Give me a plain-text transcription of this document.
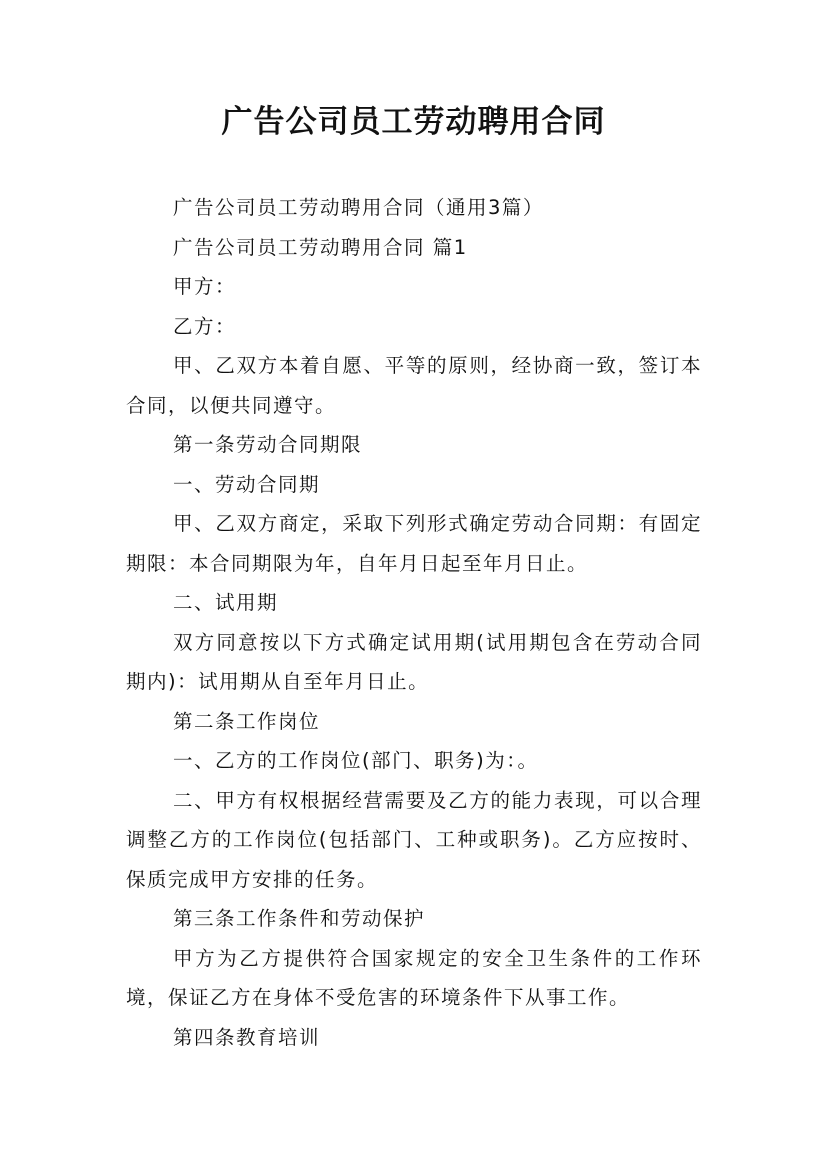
广告公司员工劳动聘用合同

广告公司员工劳动聘用合同（通用3篇）

广告公司员工劳动聘用合同 篇1

甲方：

乙方：

甲、乙双方本着自愿、平等的原则，经协商一致，签订本合同，以便共同遵守。

第一条劳动合同期限

一、劳动合同期

甲、乙双方商定，采取下列形式确定劳动合同期：有固定期限：本合同期限为年，自年月日起至年月日止。

二、试用期

双方同意按以下方式确定试用期(试用期包含在劳动合同期内)：试用期从自至年月日止。

第二条工作岗位

一、乙方的工作岗位(部门、职务)为：。

二、甲方有权根据经营需要及乙方的能力表现，可以合理调整乙方的工作岗位(包括部门、工种或职务)。乙方应按时、保质完成甲方安排的任务。

第三条工作条件和劳动保护

甲方为乙方提供符合国家规定的安全卫生条件的工作环境，保证乙方在身体不受危害的环境条件下从事工作。

第四条教育培训
